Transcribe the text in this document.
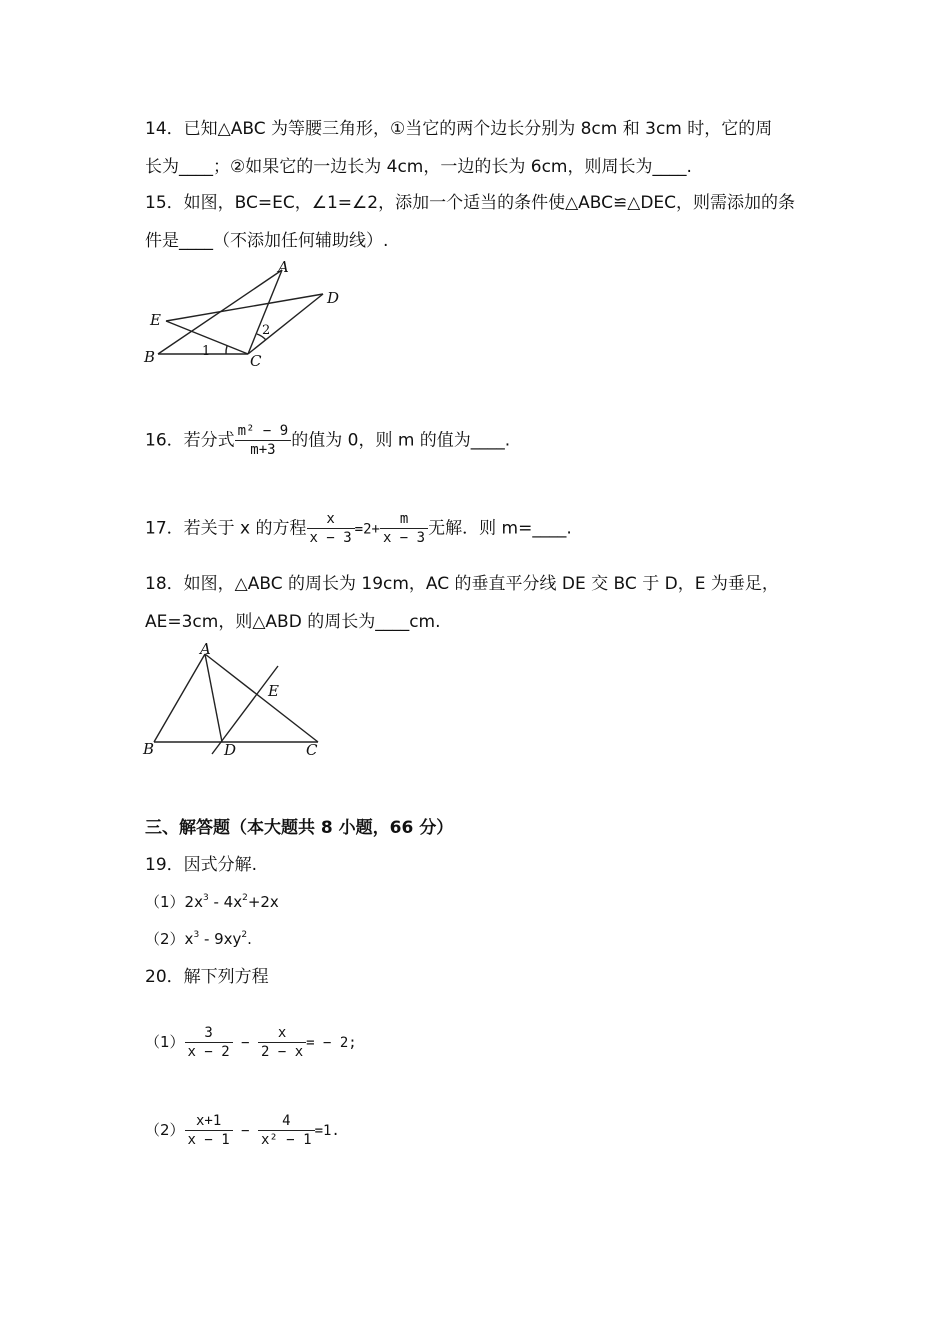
14．已知△ABC 为等腰三角形，①当它的两个边长分别为 8cm 和 3cm 时，它的周
长为____；②如果它的一边长为 4cm，一边的长为 6cm，则周长为____.
15．如图，BC=EC，∠1=∠2，添加一个适当的条件使△ABC≌△DEC，则需添加的条
件是____（不添加任何辅助线）.
A
B	C
D
E
1
2
16．若分式 $\frac{\text{m² − 9}}{m+3}$ 的值为 0，则 m 的值为____.
17．若关于 x 的方程 $\frac{x}{x - 3} =2+ \frac{m}{x - 3}$ 无解．则 m=____.
18．如图，△ABC 的周长为 19cm，AC 的垂直平分线 DE 交 BC 于 D，E 为垂足，
AE=3cm，则△ABD 的周长为____cm.
A
B	C
D
E
三、解答题（本大题共 8 小题，66 分）
19．因式分解.
$(1)2x^3 - 4x^2+2x$
$(2)x^3 - 9xy^2$.
20．解下列方程
$(1) \frac{3}{x - 2} - \frac{x}{2 - x}$ = − 2;
$(2) \frac{x+1}{x - 1} - \frac{4}{\text{x² − 1}} =1$.
